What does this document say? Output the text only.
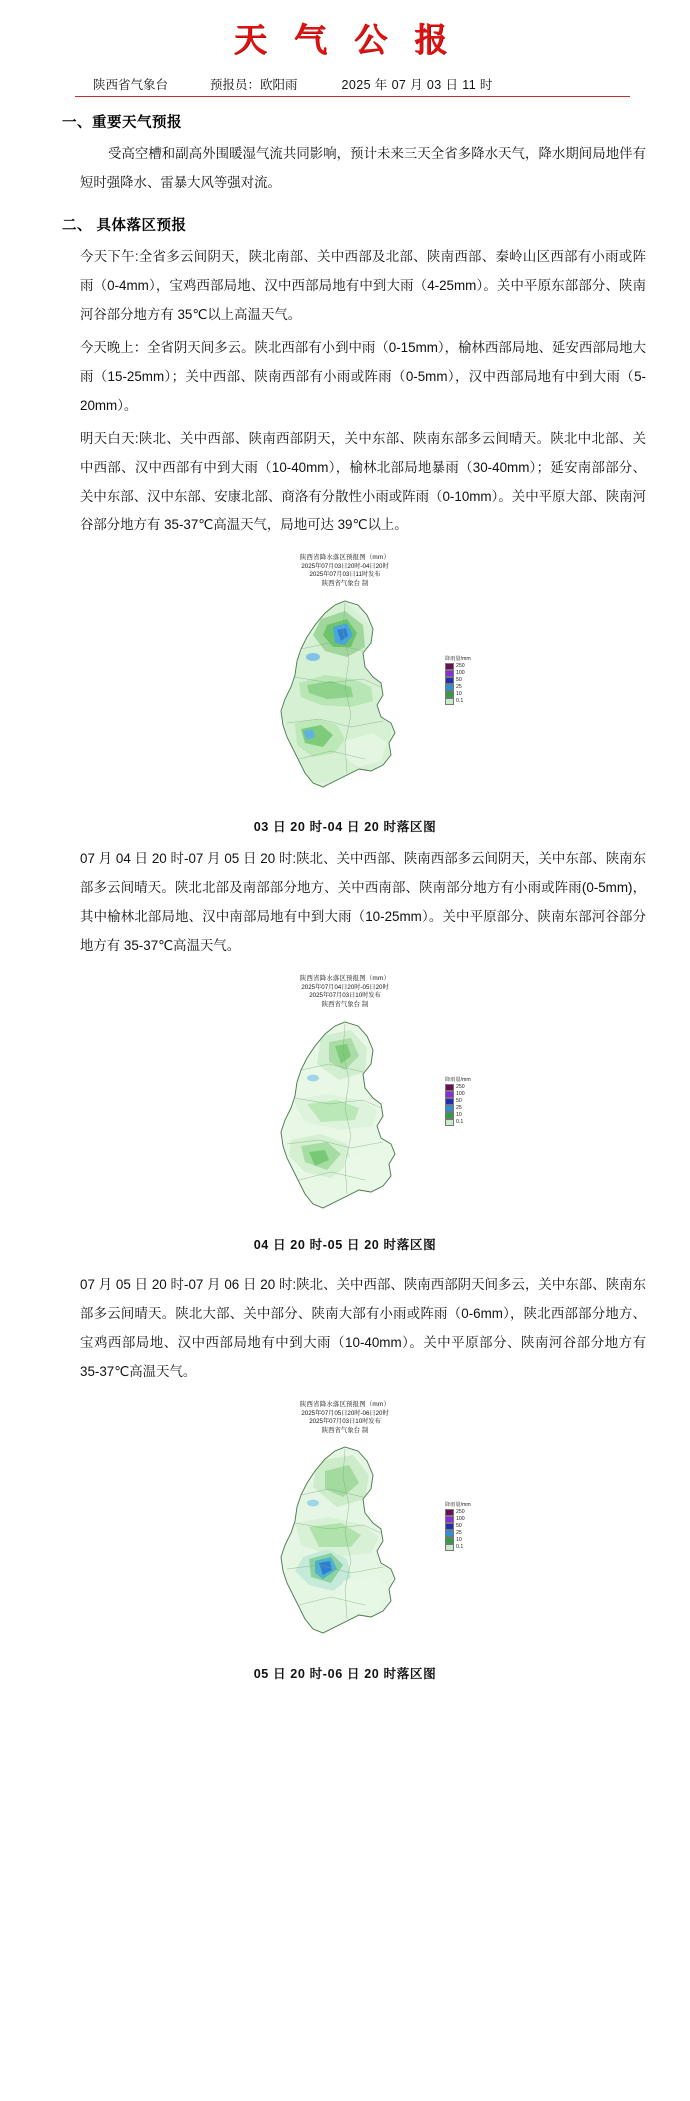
天 气 公 报
陕西省气象台	预报员：欧阳雨	2025 年 07 月 03 日 11 时
一、重要天气预报

受高空槽和副高外围暖湿气流共同影响，预计未来三天全省多降水天气，降水期间局地伴有短时强降水、雷暴大风等强对流。

二、 具体落区预报

今天下午:全省多云间阴天，陕北南部、关中西部及北部、陕南西部、秦岭山区西部有小雨或阵雨（0-4mm），宝鸡西部局地、汉中西部局地有中到大雨（4-25mm）。关中平原东部部分、陕南河谷部分地方有 35℃以上高温天气。

今天晚上：全省阴天间多云。陕北西部有小到中雨（0-15mm），榆林西部局地、延安西部局地大雨（15-25mm）；关中西部、陕南西部有小雨或阵雨（0-5mm），汉中西部局地有中到大雨（5-20mm）。

明天白天:陕北、关中西部、陕南西部阴天，关中东部、陕南东部多云间晴天。陕北中北部、关中西部、汉中西部有中到大雨（10-40mm），榆林北部局地暴雨（30-40mm）；延安南部部分、关中东部、汉中东部、安康北部、商洛有分散性小雨或阵雨（0-10mm）。关中平原大部、陕南河谷部分地方有 35-37℃高温天气，局地可达 39℃以上。

陕西省降水落区预报图（mm）
2025年07月03日20时-04日20时
2025年07月03日11时发布
陕西省气象台 制
降雨量/mm
250
100
50
25
10
0.1
03 日 20 时-04 日 20 时落区图

07 月 04 日 20 时-07 月 05 日 20 时:陕北、关中西部、陕南西部多云间阴天，关中东部、陕南东部多云间晴天。陕北北部及南部部分地方、关中西南部、陕南部分地方有小雨或阵雨(0-5mm)，其中榆林北部局地、汉中南部局地有中到大雨（10-25mm）。关中平原部分、陕南东部河谷部分地方有 35-37℃高温天气。

陕西省降水落区预报图（mm）
2025年07月04日20时-05日20时
2025年07月03日10时发布
陕西省气象台 制
降雨量/mm
250
100
50
25
10
0.1
04 日 20 时-05 日 20 时落区图

07 月 05 日 20 时-07 月 06 日 20 时:陕北、关中西部、陕南西部阴天间多云，关中东部、陕南东部多云间晴天。陕北大部、关中部分、陕南大部有小雨或阵雨（0-6mm），陕北西部部分地方、宝鸡西部局地、汉中西部局地有中到大雨（10-40mm）。关中平原部分、陕南河谷部分地方有 35-37℃高温天气。

陕西省降水落区预报图（mm）
2025年07月05日20时-06日20时
2025年07月03日10时发布
陕西省气象台 制
降雨量/mm
250
100
50
25
10
0.1
05 日 20 时-06 日 20 时落区图
